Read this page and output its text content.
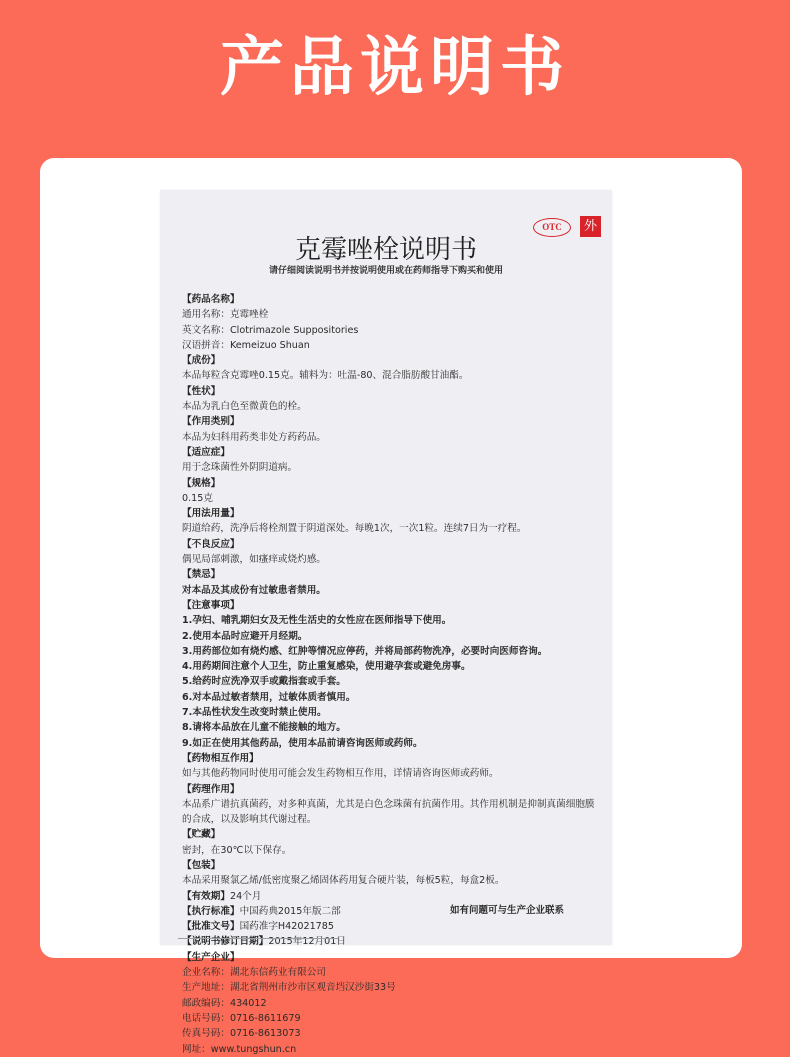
产品说明书
OTC	外
克霉唑栓说明书
请仔细阅读说明书并按说明使用或在药师指导下购买和使用
【药品名称】
通用名称：克霉唑栓
英文名称：Clotrimazole Suppositories
汉语拼音：Kemeizuo Shuan
【成份】
本品每粒含克霉唑0.15克。辅料为：吐温-80、混合脂肪酸甘油酯。
【性状】
本品为乳白色至微黄色的栓。
【作用类别】
本品为妇科用药类非处方药药品。
【适应症】
用于念珠菌性外阴阴道病。
【规格】
0.15克
【用法用量】
阴道给药，洗净后将栓剂置于阴道深处。每晚1次，一次1粒。连续7日为一疗程。
【不良反应】
偶见局部刺激，如瘙痒或烧灼感。
【禁忌】
对本品及其成份有过敏患者禁用。
【注意事项】
1.孕妇、哺乳期妇女及无性生活史的女性应在医师指导下使用。
2.使用本品时应避开月经期。
3.用药部位如有烧灼感、红肿等情况应停药，并将局部药物洗净，必要时向医师咨询。
4.用药期间注意个人卫生，防止重复感染，使用避孕套或避免房事。
5.给药时应洗净双手或戴指套或手套。
6.对本品过敏者禁用，过敏体质者慎用。
7.本品性状发生改变时禁止使用。
8.请将本品放在儿童不能接触的地方。
9.如正在使用其他药品，使用本品前请咨询医师或药师。
【药物相互作用】
如与其他药物同时使用可能会发生药物相互作用，详情请咨询医师或药师。
【药理作用】
本品系广谱抗真菌药，对多种真菌，尤其是白色念珠菌有抗菌作用。其作用机制是抑制真菌细胞膜的合成，以及影响其代谢过程。
【贮藏】
密封，在30℃以下保存。
【包装】
本品采用聚氯乙烯/低密度聚乙烯固体药用复合硬片装，每板5粒，每盒2板。
【有效期】24个月
【执行标准】中国药典2015年版二部
【批准文号】国药准字H42021785
【说明书修订日期】2015年12月01日
【生产企业】
企业名称：湖北东信药业有限公司
生产地址：湖北省荆州市沙市区观音垱汉沙街33号
邮政编码：434012
电话号码：0716-8611679
传真号码：0716-8613073
网址：www.tungshun.cn
如有问题可与生产企业联系
